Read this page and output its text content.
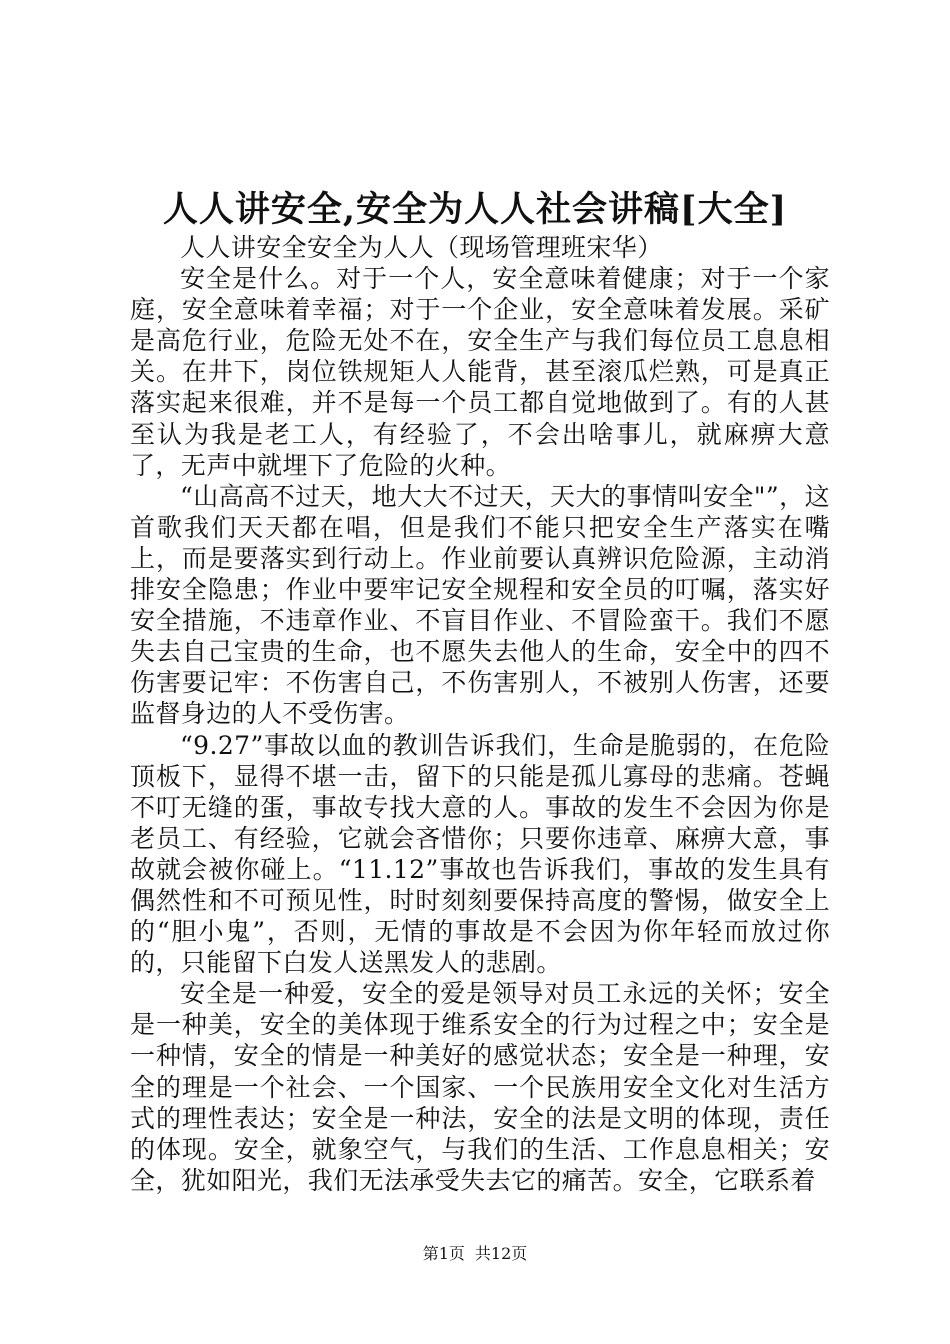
人人讲安全,安全为人人社会讲稿[大全]

人人讲安全安全为人人（现场管理班宋华）

安全是什么。对于一个人，安全意味着健康；对于一个家庭，安全意味着幸福；对于一个企业，安全意味着发展。采矿是高危行业，危险无处不在，安全生产与我们每位员工息息相关。在井下，岗位铁规矩人人能背，甚至滚瓜烂熟，可是真正落实起来很难，并不是每一个员工都自觉地做到了。有的人甚至认为我是老工人，有经验了，不会出啥事儿，就麻痹大意了，无声中就埋下了危险的火种。

“山高高不过天，地大大不过天，天大的事情叫安全"”，这首歌我们天天都在唱，但是我们不能只把安全生产落实在嘴上，而是要落实到行动上。作业前要认真辨识危险源，主动消排安全隐患；作业中要牢记安全规程和安全员的叮嘱，落实好安全措施，不违章作业、不盲目作业、不冒险蛮干。我们不愿失去自己宝贵的生命，也不愿失去他人的生命，安全中的四不伤害要记牢：不伤害自己，不伤害别人，不被别人伤害，还要监督身边的人不受伤害。

“9.27”事故以血的教训告诉我们，生命是脆弱的，在危险顶板下，显得不堪一击，留下的只能是孤儿寡母的悲痛。苍蝇不叮无缝的蛋，事故专找大意的人。事故的发生不会因为你是老员工、有经验，它就会吝惜你；只要你违章、麻痹大意，事故就会被你碰上。“11.12”事故也告诉我们，事故的发生具有偶然性和不可预见性，时时刻刻要保持高度的警惕，做安全上的“胆小鬼”，否则，无情的事故是不会因为你年轻而放过你的，只能留下白发人送黑发人的悲剧。

安全是一种爱，安全的爱是领导对员工永远的关怀；安全是一种美，安全的美体现于维系安全的行为过程之中；安全是一种情，安全的情是一种美好的感觉状态；安全是一种理，安全的理是一个社会、一个国家、一个民族用安全文化对生活方式的理性表达；安全是一种法，安全的法是文明的体现，责任的体现。安全，就象空气，与我们的生活、工作息息相关；安全，犹如阳光，我们无法承受失去它的痛苦。安全，它联系着

第1页 共12页
